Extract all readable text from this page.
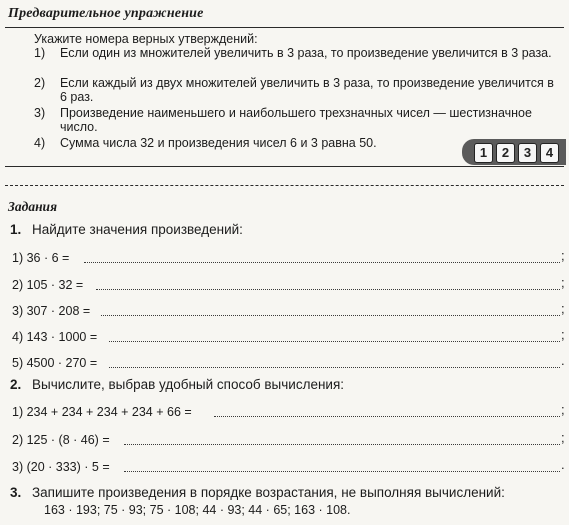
Предварительное упражнение
Укажите номера верных утверждений:
1)	Если один из множителей увеличить в 3 раза, то произведение увеличится в 3 раза.
2)	Если каждый из двух множителей увеличить в 3 раза, то произведение увеличится в 6 раз.
3)	Произведение наименьшего и наибольшего трехзначных чисел — шестизначное число.
4)	Сумма числа 32 и произведения чисел 6 и 3 равна 50.
1	2	3	4
Задания
1. Найдите значения произведений:
1) 36 · 6 =	;
2) 105 · 32 =	;
3) 307 · 208 =	;
4) 143 · 1000 =	;
5) 4500 · 270 =	.
2. Вычислите, выбрав удобный способ вычисления:
1) 234 + 234 + 234 + 234 + 66 =	;
2) 125 · (8 · 46) =	;
3) (20 · 333) · 5 =	.
3. Запишите произведения в порядке возрастания, не выполняя вычислений:
163 · 193; 75 · 93; 75 · 108; 44 · 93; 44 · 65; 163 · 108.
